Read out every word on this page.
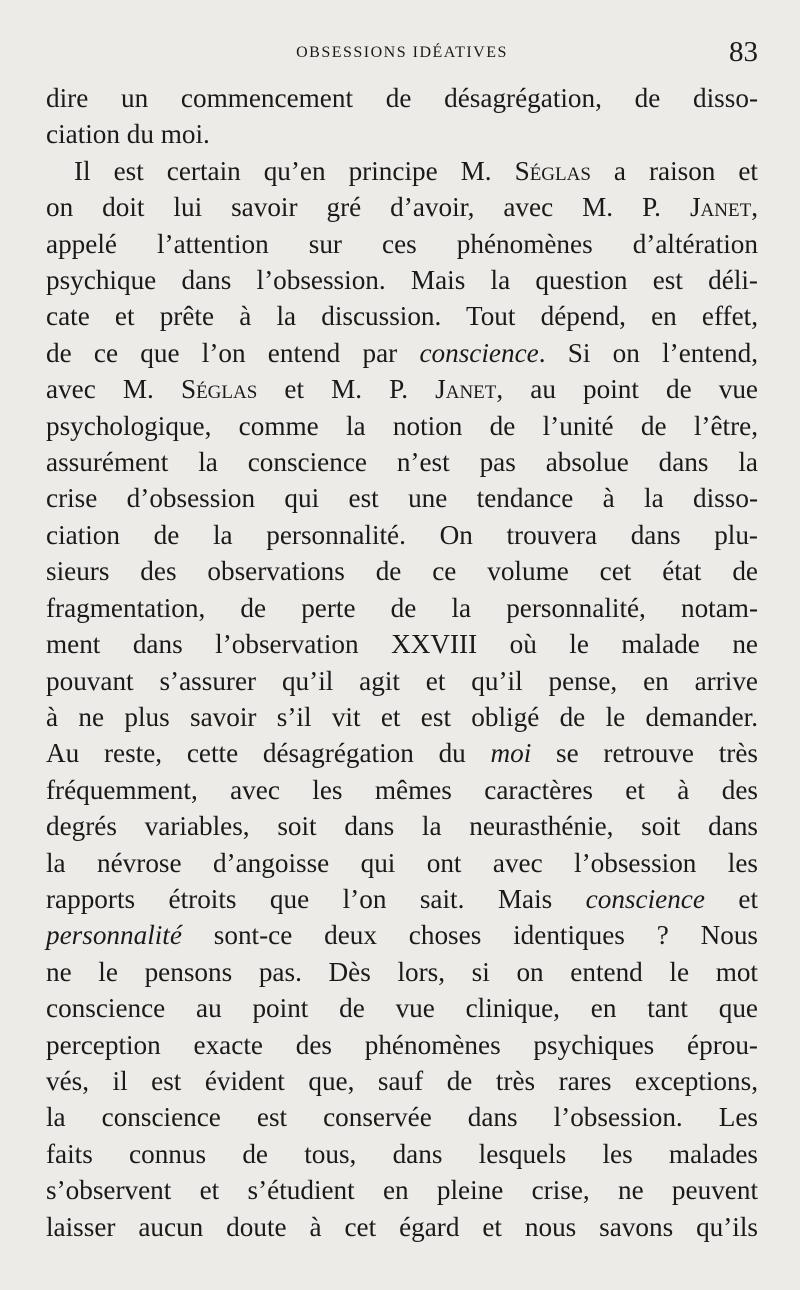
OBSESSIONS IDÉATIVES	83
dire un commencement de désagrégation, de disso-
ciation du moi.
Il est certain qu’en principe M. Séglas a raison et
on doit lui savoir gré d’avoir, avec M. P. Janet,
appelé l’attention sur ces phénomènes d’altération
psychique dans l’obsession. Mais la question est déli-
cate et prête à la discussion. Tout dépend, en effet,
de ce que l’on entend par conscience. Si on l’entend,
avec M. Séglas et M. P. Janet, au point de vue
psychologique, comme la notion de l’unité de l’être,
assurément la conscience n’est pas absolue dans la
crise d’obsession qui est une tendance à la disso-
ciation de la personnalité. On trouvera dans plu-
sieurs des observations de ce volume cet état de
fragmentation, de perte de la personnalité, notam-
ment dans l’observation XXVIII où le malade ne
pouvant s’assurer qu’il agit et qu’il pense, en arrive
à ne plus savoir s’il vit et est obligé de le demander.
Au reste, cette désagrégation du moi se retrouve très
fréquemment, avec les mêmes caractères et à des
degrés variables, soit dans la neurasthénie, soit dans
la névrose d’angoisse qui ont avec l’obsession les
rapports étroits que l’on sait. Mais conscience et
personnalité sont-ce deux choses identiques ? Nous
ne le pensons pas. Dès lors, si on entend le mot
conscience au point de vue clinique, en tant que
perception exacte des phénomènes psychiques éprou-
vés, il est évident que, sauf de très rares exceptions,
la conscience est conservée dans l’obsession. Les
faits connus de tous, dans lesquels les malades
s’observent et s’étudient en pleine crise, ne peuvent
laisser aucun doute à cet égard et nous savons qu’ils
